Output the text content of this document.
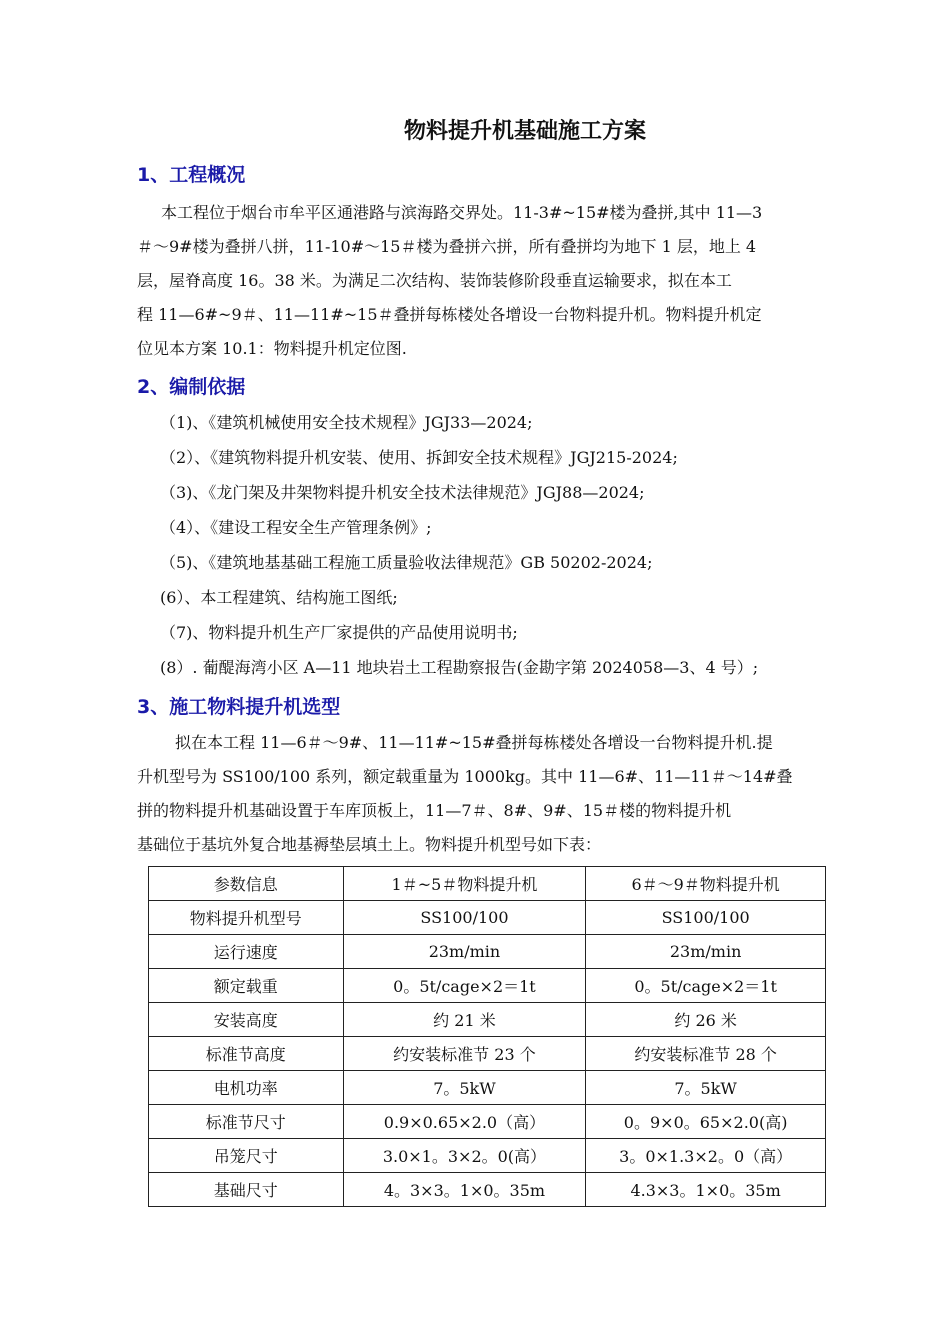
物料提升机基础施工方案
1、工程概况
本工程位于烟台市牟平区通港路与滨海路交界处。11-3#~15#楼为叠拼,其中 11—3
＃～9#楼为叠拼八拼，11-10#～15＃楼为叠拼六拼，所有叠拼均为地下 1 层，地上 4
层，屋脊高度 16。38 米。为满足二次结构、装饰装修阶段垂直运输要求，拟在本工
程 11—6#~9＃、11—11#~15＃叠拼每栋楼处各增设一台物料提升机。物料提升机定
位见本方案 10.1：物料提升机定位图.
2、编制依据
（1)、《建筑机械使用安全技术规程》JGJ33—2024;
（2）、《建筑物料提升机安装、使用、拆卸安全技术规程》JGJ215-2024;
（3)、《龙门架及井架物料提升机安全技术法律规范》JGJ88—2024;
（4）、《建设工程安全生产管理条例》;
（5)、《建筑地基基础工程施工质量验收法律规范》GB 50202-2024;
(6）、本工程建筑、结构施工图纸;
（7)、物料提升机生产厂家提供的产品使用说明书;
(8）. 葡醍海湾小区 A—11 地块岩土工程勘察报告(金勘字第 2024058—3、4 号）;
3、施工物料提升机选型
拟在本工程 11—6＃～9#、11—11#~15#叠拼每栋楼处各增设一台物料提升机.提
升机型号为 SS100/100 系列，额定载重量为 1000kg。其中 11—6#、11—11＃～14#叠
拼的物料提升机基础设置于车库顶板上，11—7＃、8#、9#、15＃楼的物料提升机
基础位于基坑外复合地基褥垫层填土上。物料提升机型号如下表：
参数信息	1＃~5＃物料提升机	6＃～9＃物料提升机
物料提升机型号	SS100/100	SS100/100
运行速度	23m/min	23m/min
额定载重	0。5t/cage×2＝1t	0。5t/cage×2＝1t
安装高度	约 21 米	约 26 米
标准节高度	约安装标准节 23 个	约安装标准节 28 个
电机功率	7。5kW	7。5kW
标准节尺寸	0.9×0.65×2.0（高）	0。9×0。65×2.0(高)
吊笼尺寸	3.0×1。3×2。0(高）	3。0×1.3×2。0（高）
基础尺寸	4。3×3。1×0。35m	4.3×3。1×0。35m
